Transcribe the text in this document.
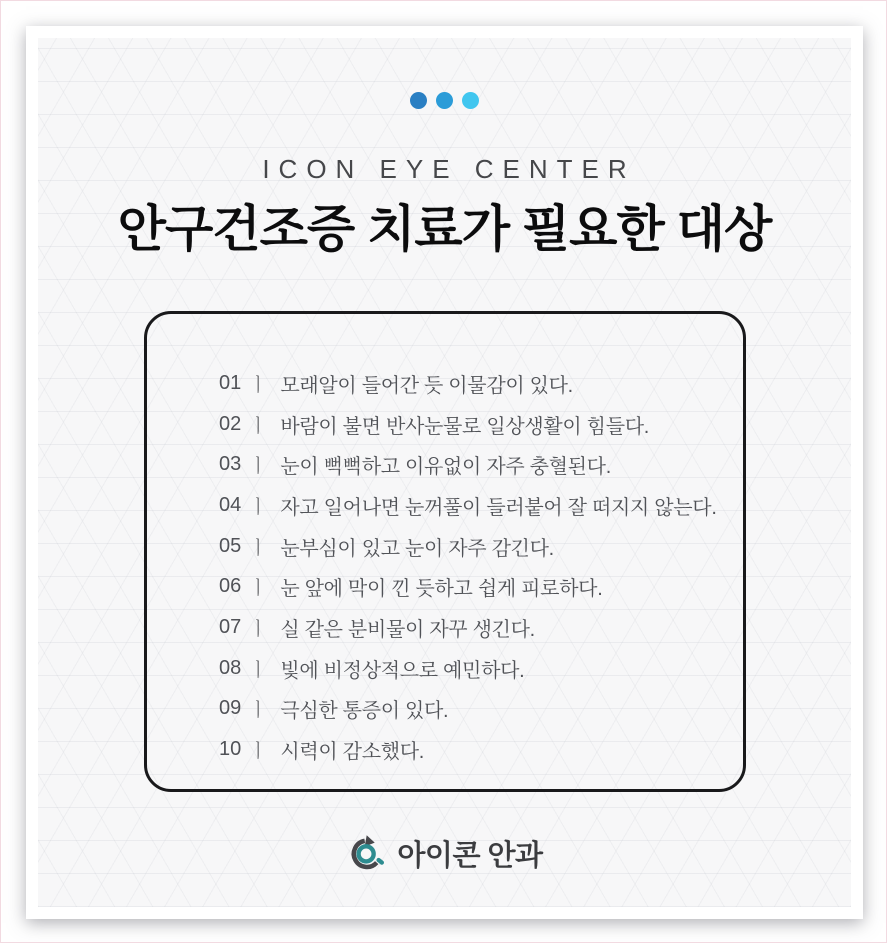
ICON EYE CENTER
안구건조증 치료가 필요한 대상
01 ㅣ 모래알이 들어간 듯 이물감이 있다.
02 ㅣ 바람이 불면 반사눈물로 일상생활이 힘들다.
03 ㅣ 눈이 뻑뻑하고 이유없이 자주 충혈된다.
04 ㅣ 자고 일어나면 눈꺼풀이 들러붙어 잘 떠지지 않는다.
05 ㅣ 눈부심이 있고 눈이 자주 감긴다.
06 ㅣ 눈 앞에 막이 낀 듯하고 쉽게 피로하다.
07 ㅣ 실 같은 분비물이 자꾸 생긴다.
08 ㅣ 빛에 비정상적으로 예민하다.
09 ㅣ 극심한 통증이 있다.
10 ㅣ 시력이 감소했다.
아이콘 안과
